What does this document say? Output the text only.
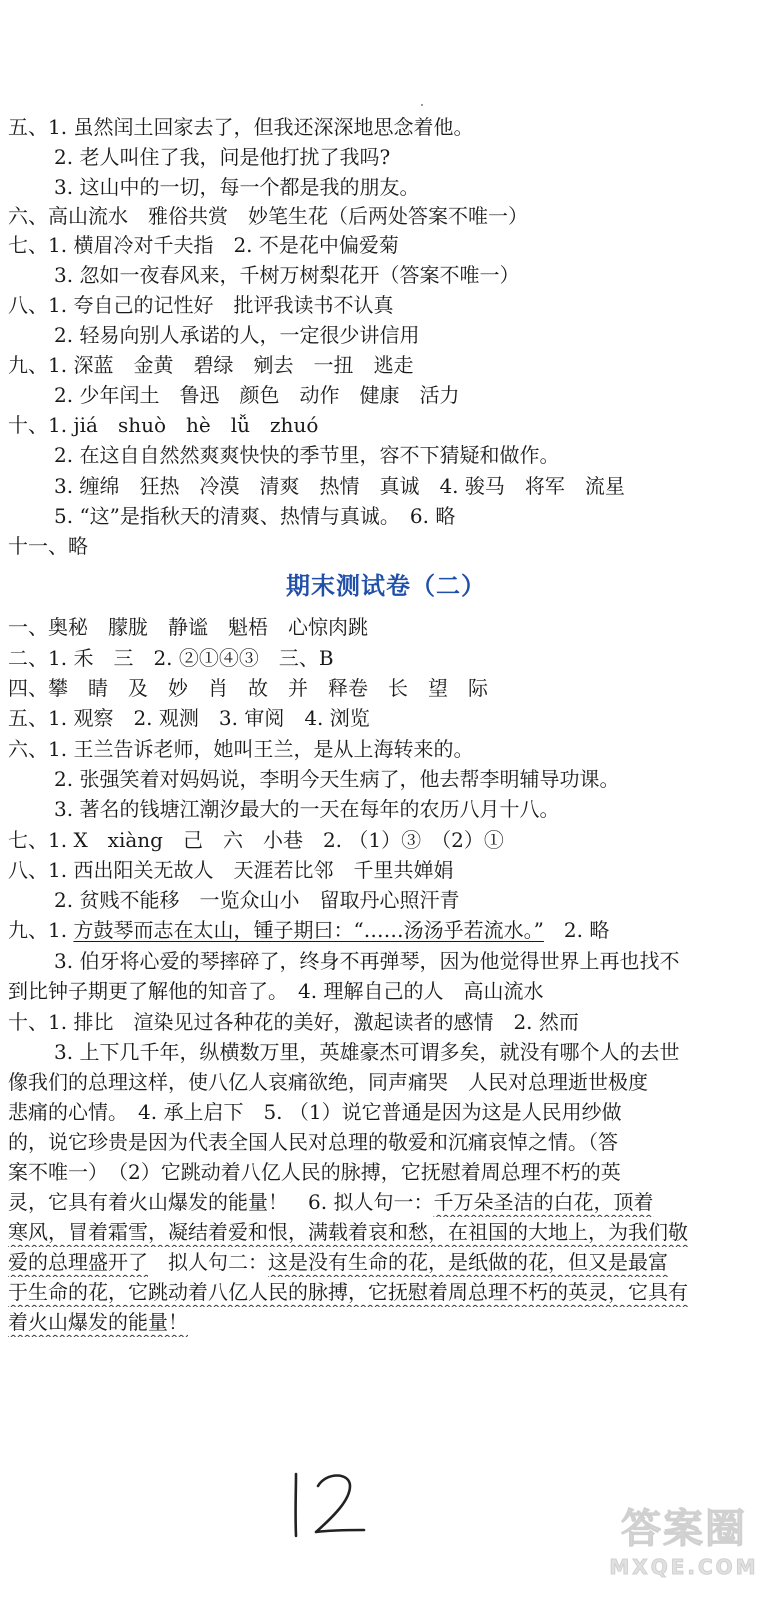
五、1. 虽然闰土回家去了，但我还深深地思念着他。
2. 老人叫住了我，问是他打扰了我吗?
3. 这山中的一切，每一个都是我的朋友。
六、高山流水　雅俗共赏　妙笔生花（后两处答案不唯一）
七、1. 横眉冷对千夫指　2. 不是花中偏爱菊
3. 忽如一夜春风来，千树万树梨花开（答案不唯一）
八、1. 夸自己的记性好　批评我读书不认真
2. 轻易向别人承诺的人，一定很少讲信用
九、1. 深蓝　金黄　碧绿　剜去　一扭　逃走
2. 少年闰土　鲁迅　颜色　动作　健康　活力
十、1. jiá　shuò　hè　lǚ　zhuó
2. 在这自自然然爽爽快快的季节里，容不下猜疑和做作。
3. 缠绵　狂热　冷漠　清爽　热情　真诚　4. 骏马　将军　流星
5. “这”是指秋天的清爽、热情与真诚。　6. 略
十一、略
期末测试卷（二）
一、奥秘　朦胧　静谧　魁梧　心惊肉跳
二、1. 禾　三　2. ②①④③　三、B
四、攀　睛　及　妙　肖　故　并　释卷　长　望　际
五、1. 观察　2. 观测　3. 审阅　4. 浏览
六、1. 王兰告诉老师，她叫王兰，是从上海转来的。
2. 张强笑着对妈妈说，李明今天生病了，他去帮李明辅导功课。
3. 著名的钱塘江潮汐最大的一天在每年的农历八月十八。
七、1. X　xiàng　己　六　小巷　2. （1）③　（2）①
八、1. 西出阳关无故人　天涯若比邻　千里共婵娟
2. 贫贱不能移　一览众山小　留取丹心照汗青
九、1. 方鼓琴而志在太山，锺子期曰：“……汤汤乎若流水。”　2. 略
3. 伯牙将心爱的琴摔碎了，终身不再弹琴，因为他觉得世界上再也找不
到比钟子期更了解他的知音了。　4. 理解自己的人　高山流水
十、1. 排比　渲染见过各种花的美好，激起读者的感情　2. 然而
3. 上下几千年，纵横数万里，英雄豪杰可谓多矣，就没有哪个人的去世
像我们的总理这样，使八亿人哀痛欲绝，同声痛哭　人民对总理逝世极度
悲痛的心情。　4. 承上启下　5. （1）说它普通是因为这是人民用纱做
的，说它珍贵是因为代表全国人民对总理的敬爱和沉痛哀悼之情。（答
案不唯一）　（2）它跳动着八亿人民的脉搏，它抚慰着周总理不朽的英
灵，它具有着火山爆发的能量！　6. 拟人句一：千万朵圣洁的白花，顶着
寒风，冒着霜雪，凝结着爱和恨，满载着哀和愁，在祖国的大地上，为我们敬
爱的总理盛开了　拟人句二：这是没有生命的花，是纸做的花，但又是最富
于生命的花，它跳动着八亿人民的脉搏，它抚慰着周总理不朽的英灵，它具有
着火山爆发的能量！
答案圈
MXQE.COM
